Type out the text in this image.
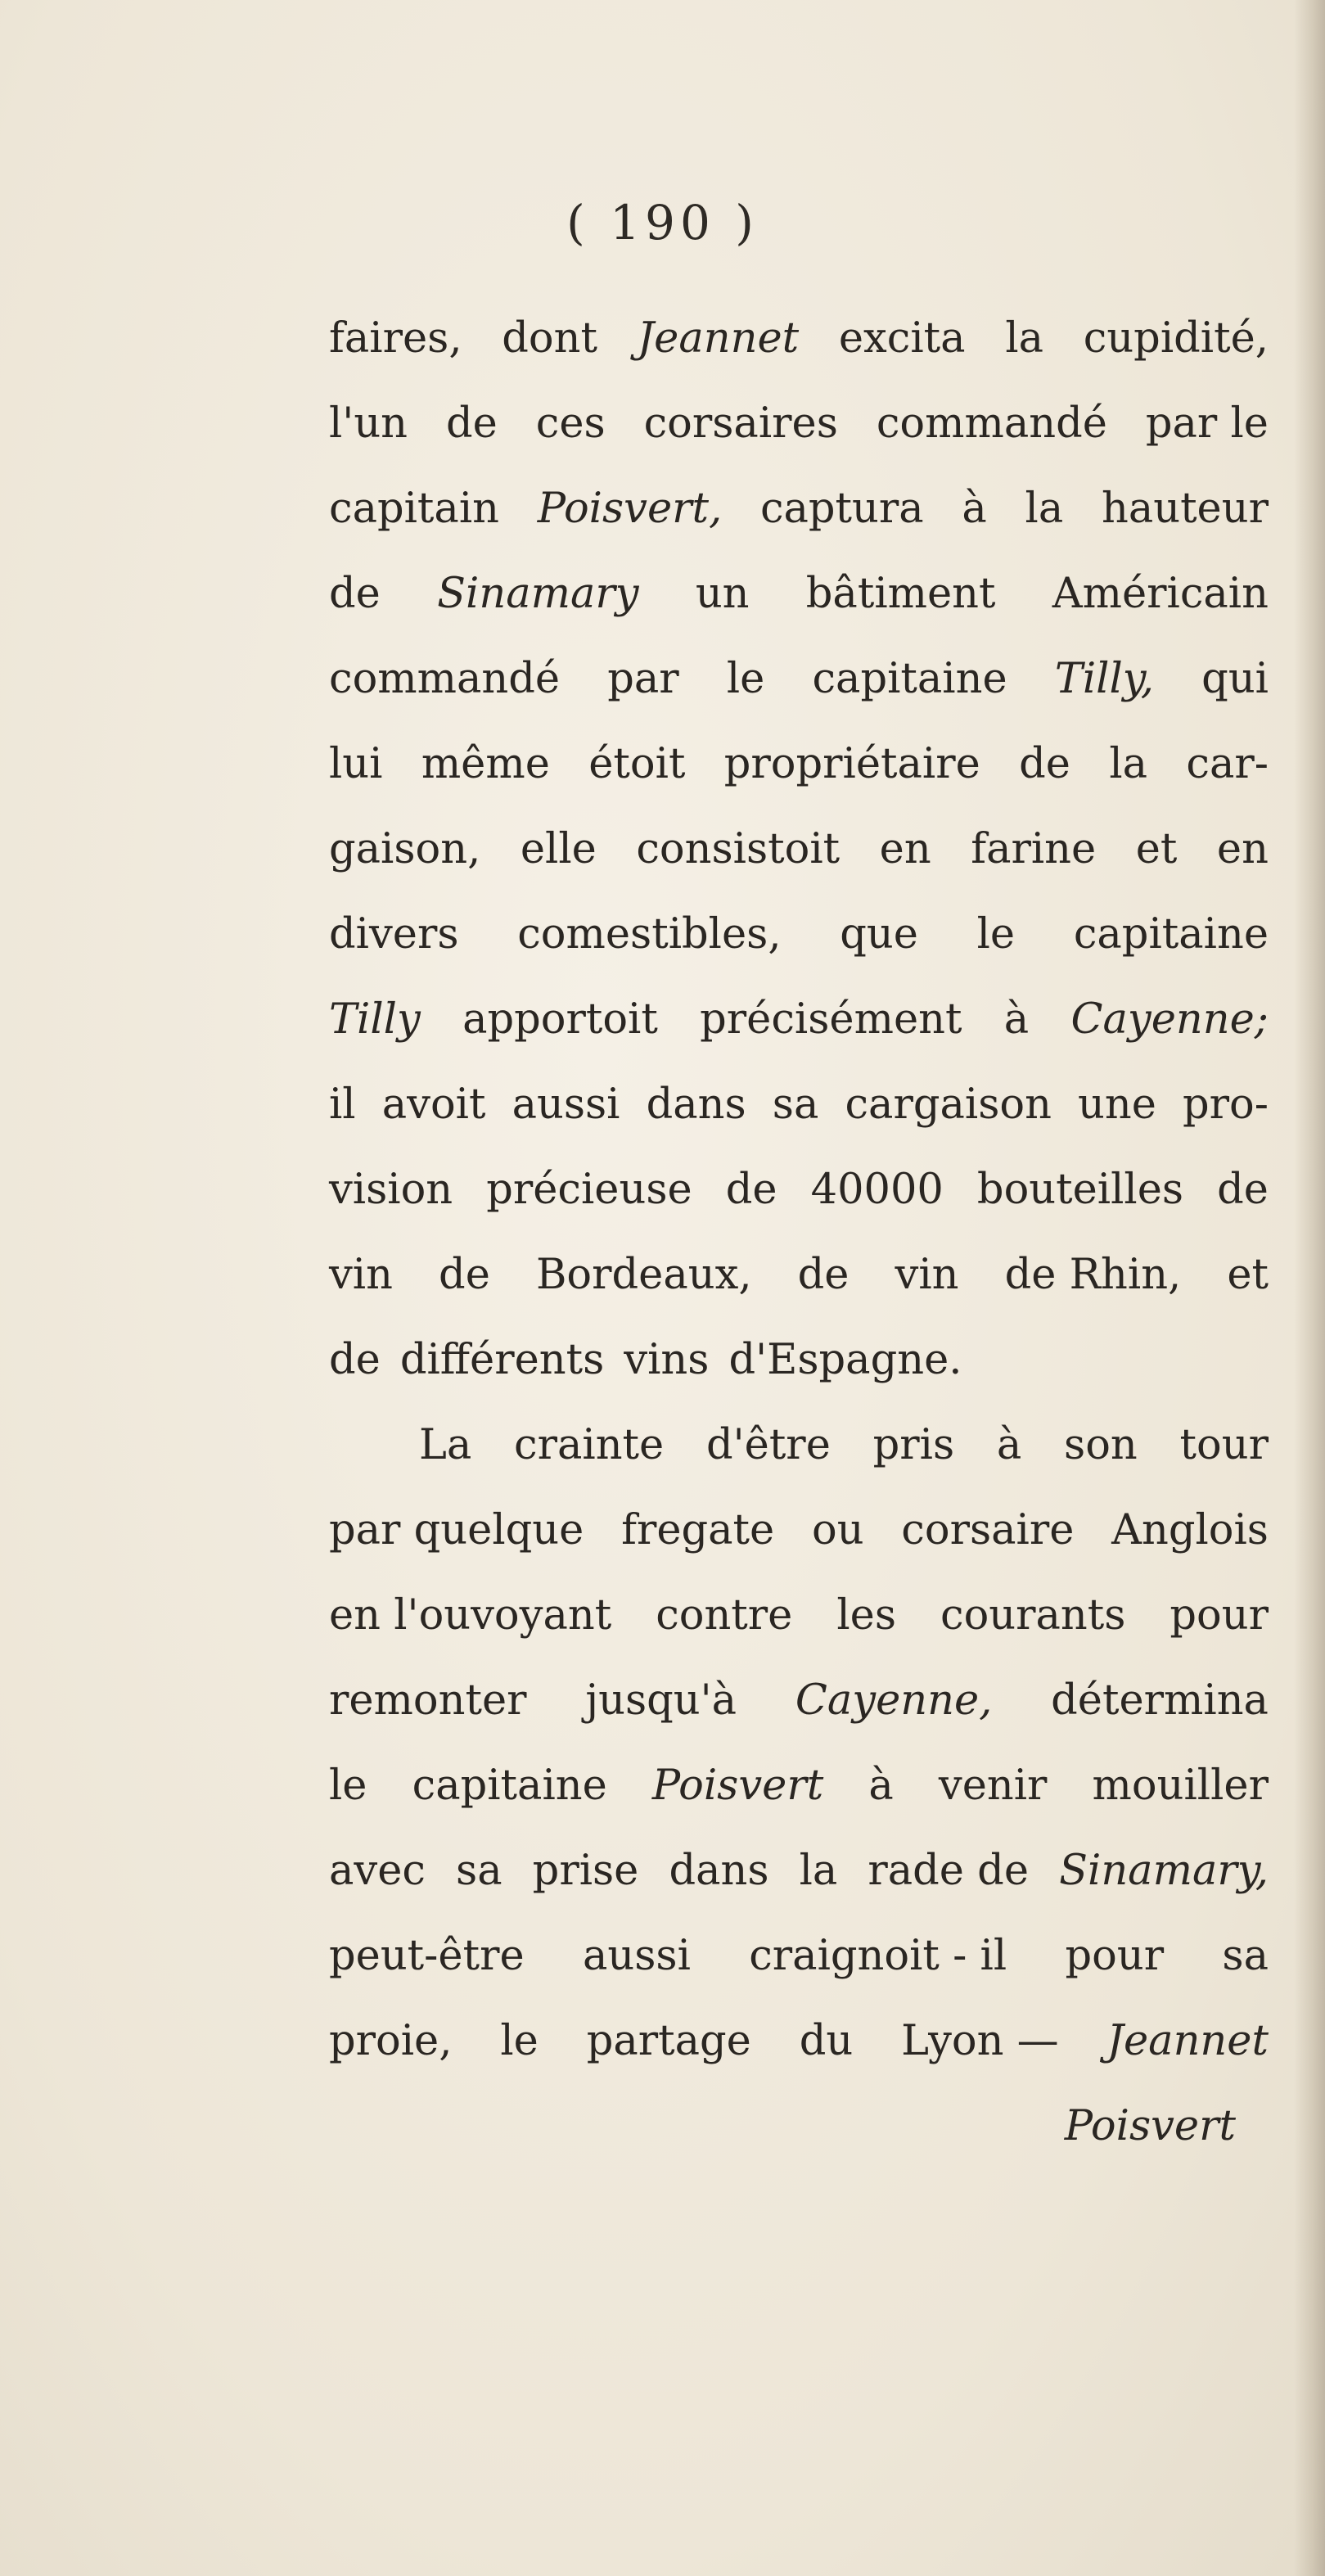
( 190 )
faires, dont Jeannet excita la cupidité,
l'un de ces corsaires commandé par le
capitain Poisvert, captura à la hauteur
de Sinamary un bâtiment Américain
commandé par le capitaine Tilly, qui
lui même étoit propriétaire de la car-
gaison, elle consistoit en farine et en
divers comestibles, que le capitaine
Tilly apportoit précisément à Cayenne;
il avoit aussi dans sa cargaison une pro-
vision précieuse de 40000 bouteilles de
vin de Bordeaux, de vin de Rhin, et
de différents vins d'Espagne.
La crainte d'être pris à son tour
par quelque fregate ou corsaire Anglois
en l'ouvoyant contre les courants pour
remonter jusqu'à Cayenne, détermina
le capitaine Poisvert à venir mouiller
avec sa prise dans la rade de Sinamary,
peut-être aussi craignoit - il pour sa
proie, le partage du Lyon — Jeannet
Poisvert
